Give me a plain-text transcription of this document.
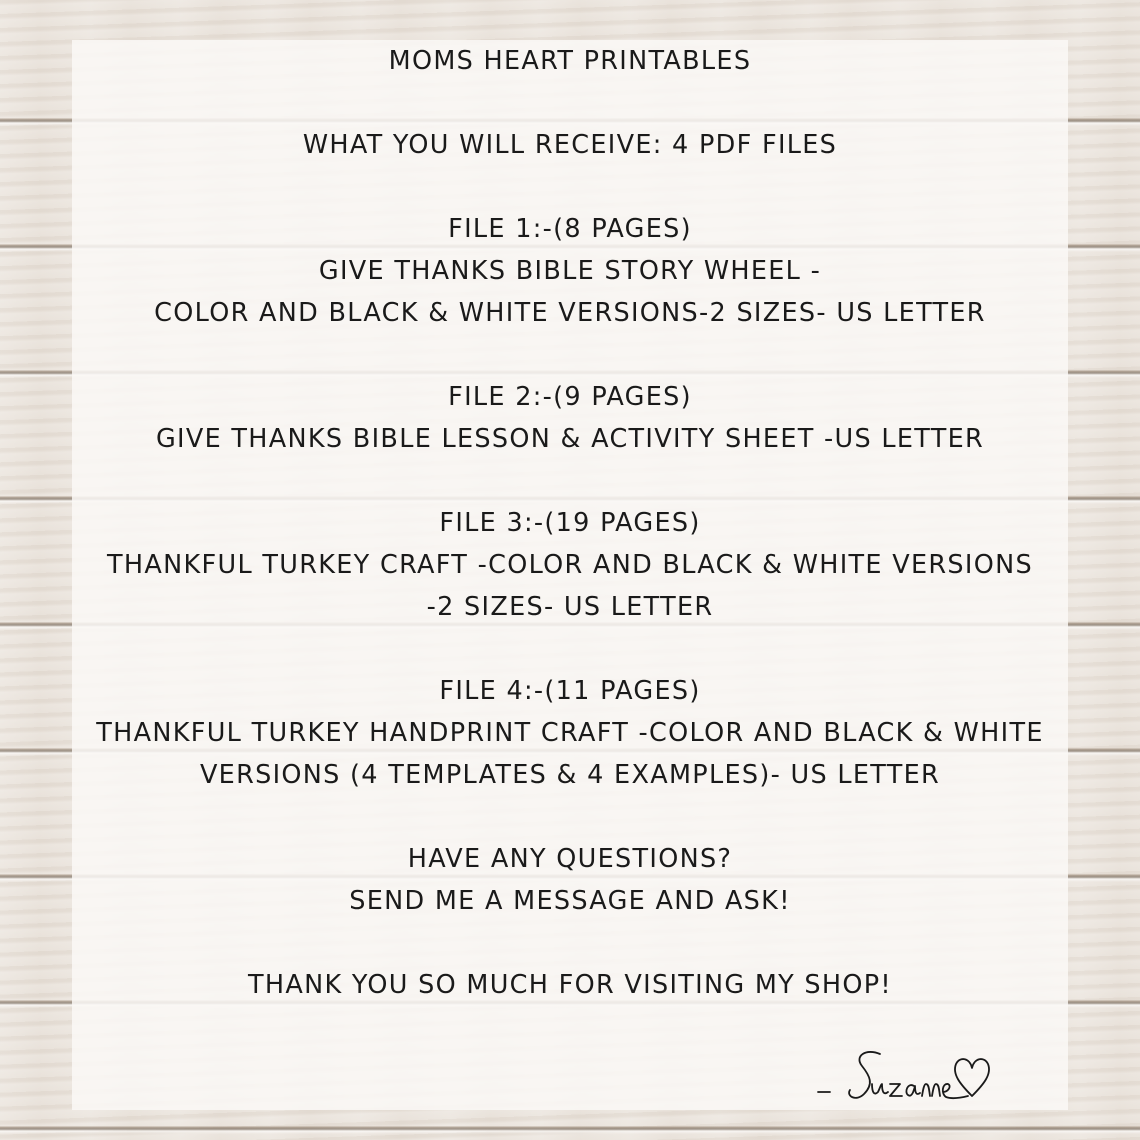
MOMS HEART PRINTABLES
WHAT YOU WILL RECEIVE: 4 PDF FILES
FILE 1:-(8 PAGES)
GIVE THANKS BIBLE STORY WHEEL -
COLOR AND BLACK & WHITE VERSIONS-2 SIZES- US LETTER
FILE 2:-(9 PAGES)
GIVE THANKS BIBLE LESSON & ACTIVITY SHEET -US LETTER
FILE 3:-(19 PAGES)
THANKFUL TURKEY CRAFT -COLOR AND BLACK & WHITE VERSIONS
-2 SIZES- US LETTER
FILE 4:-(11 PAGES)
THANKFUL TURKEY HANDPRINT CRAFT -COLOR AND BLACK & WHITE
VERSIONS (4 TEMPLATES & 4 EXAMPLES)- US LETTER
HAVE ANY QUESTIONS?
SEND ME A MESSAGE AND ASK!
THANK YOU SO MUCH FOR VISITING MY SHOP!
